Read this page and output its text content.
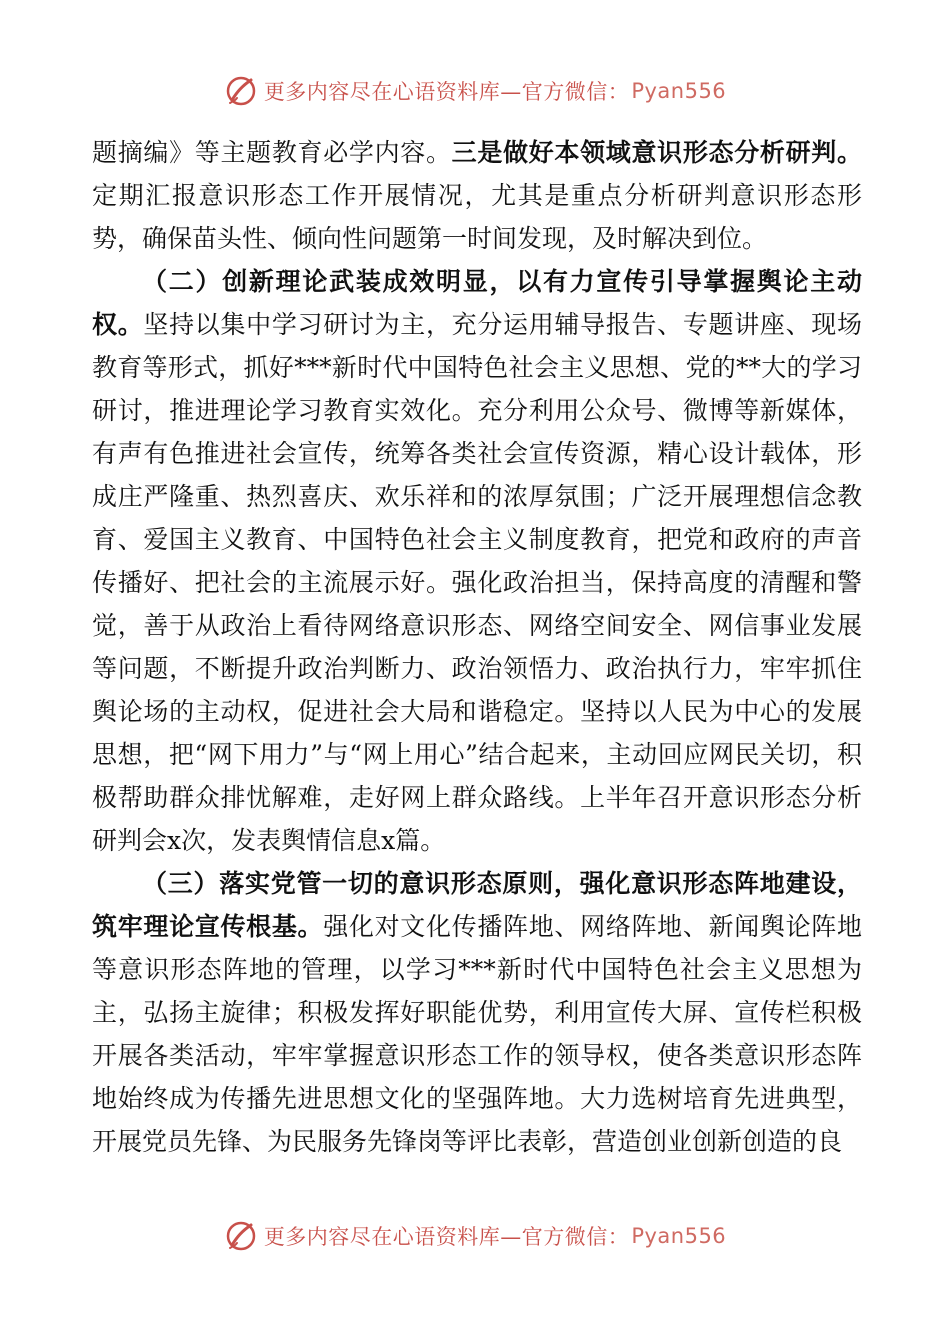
更多内容尽在心语资料库—官方微信： Pyan556

题摘编》等主题教育必学内容。三是做好本领域意识形态分析研判。定期汇报意识形态工作开展情况，尤其是重点分析研判意识形态形势，确保苗头性、倾向性问题第一时间发现，及时解决到位。

（二）创新理论武装成效明显，以有力宣传引导掌握舆论主动权。坚持以集中学习研讨为主，充分运用辅导报告、专题讲座、现场教育等形式，抓好***新时代中国特色社会主义思想、党的**大的学习研讨，推进理论学习教育实效化。充分利用公众号、微博等新媒体，有声有色推进社会宣传，统筹各类社会宣传资源，精心设计载体，形成庄严隆重、热烈喜庆、欢乐祥和的浓厚氛围；广泛开展理想信念教育、爱国主义教育、中国特色社会主义制度教育，把党和政府的声音传播好、把社会的主流展示好。强化政治担当，保持高度的清醒和警觉，善于从政治上看待网络意识形态、网络空间安全、网信事业发展等问题，不断提升政治判断力、政治领悟力、政治执行力，牢牢抓住舆论场的主动权，促进社会大局和谐稳定。坚持以人民为中心的发展思想，把“网下用力”与“网上用心”结合起来，主动回应网民关切，积极帮助群众排忧解难，走好网上群众路线。上半年召开意识形态分析研判会x次，发表舆情信息x篇。

（三）落实党管一切的意识形态原则，强化意识形态阵地建设，筑牢理论宣传根基。强化对文化传播阵地、网络阵地、新闻舆论阵地等意识形态阵地的管理，以学习***新时代中国特色社会主义思想为主，弘扬主旋律；积极发挥好职能优势，利用宣传大屏、宣传栏积极开展各类活动，牢牢掌握意识形态工作的领导权，使各类意识形态阵地始终成为传播先进思想文化的坚强阵地。大力选树培育先进典型，开展党员先锋、为民服务先锋岗等评比表彰，营造创业创新创造的良

更多内容尽在心语资料库—官方微信： Pyan556
